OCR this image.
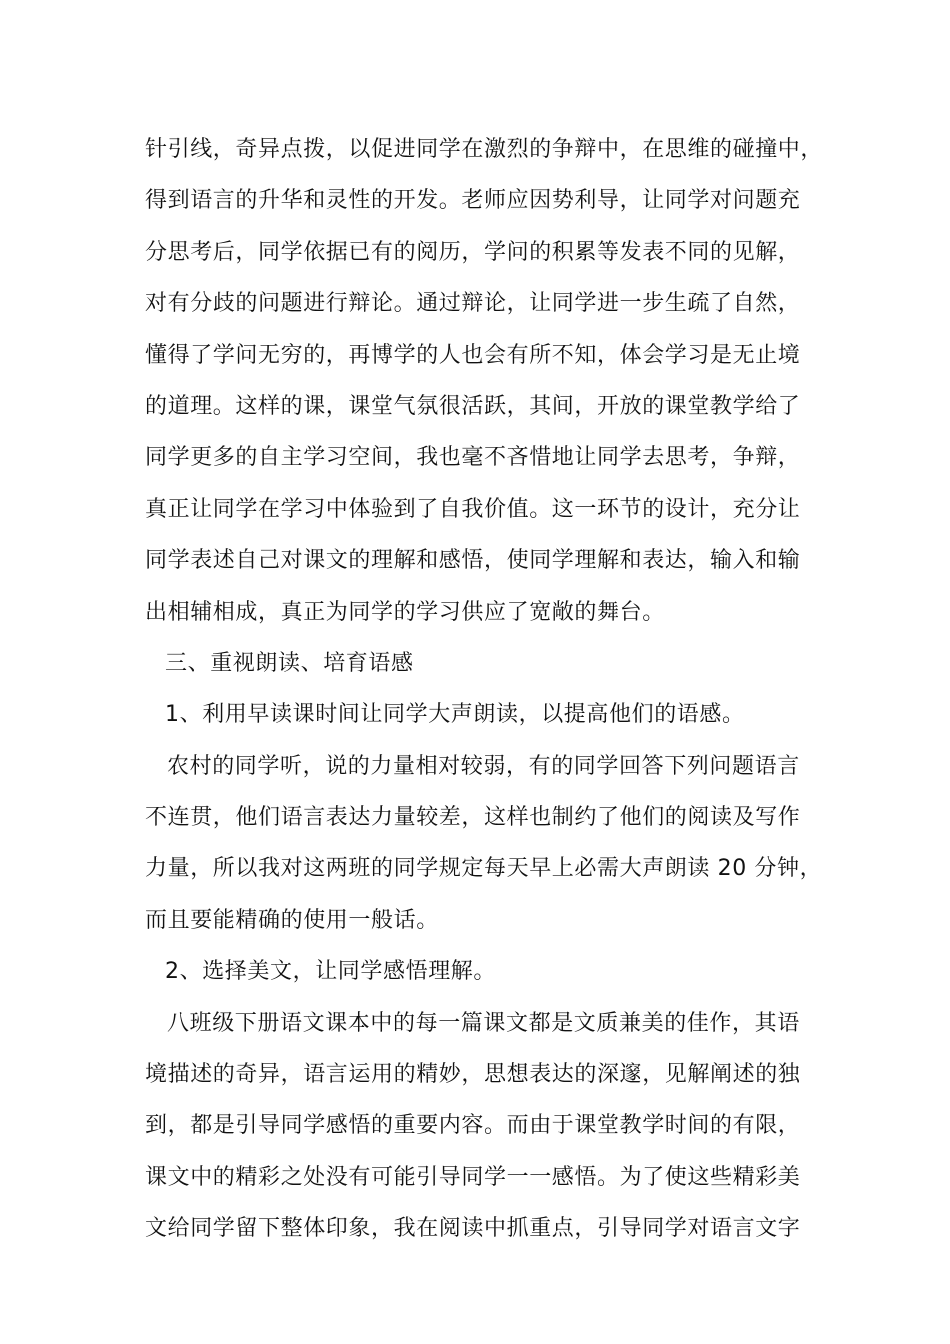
针引线，奇异点拨，以促进同学在激烈的争辩中，在思维的碰撞中，
得到语言的升华和灵性的开发。老师应因势利导，让同学对问题充
分思考后，同学依据已有的阅历，学问的积累等发表不同的见解，
对有分歧的问题进行辩论。通过辩论，让同学进一步生疏了自然，
懂得了学问无穷的，再博学的人也会有所不知，体会学习是无止境
的道理。这样的课，课堂气氛很活跃，其间，开放的课堂教学给了
同学更多的自主学习空间，我也毫不吝惜地让同学去思考，争辩，
真正让同学在学习中体验到了自我价值。这一环节的设计，充分让
同学表述自己对课文的理解和感悟，使同学理解和表达，输入和输
出相辅相成，真正为同学的学习供应了宽敞的舞台。
三、重视朗读、培育语感
1、利用早读课时间让同学大声朗读，以提高他们的语感。
农村的同学听，说的力量相对较弱，有的同学回答下列问题语言
不连贯，他们语言表达力量较差，这样也制约了他们的阅读及写作
力量，所以我对这两班的同学规定每天早上必需大声朗读 20 分钟，
而且要能精确的使用一般话。
2、选择美文，让同学感悟理解。
八班级下册语文课本中的每一篇课文都是文质兼美的佳作，其语
境描述的奇异，语言运用的精妙，思想表达的深邃，见解阐述的独
到，都是引导同学感悟的重要内容。而由于课堂教学时间的有限，
课文中的精彩之处没有可能引导同学一一感悟。为了使这些精彩美
文给同学留下整体印象，我在阅读中抓重点，引导同学对语言文字
